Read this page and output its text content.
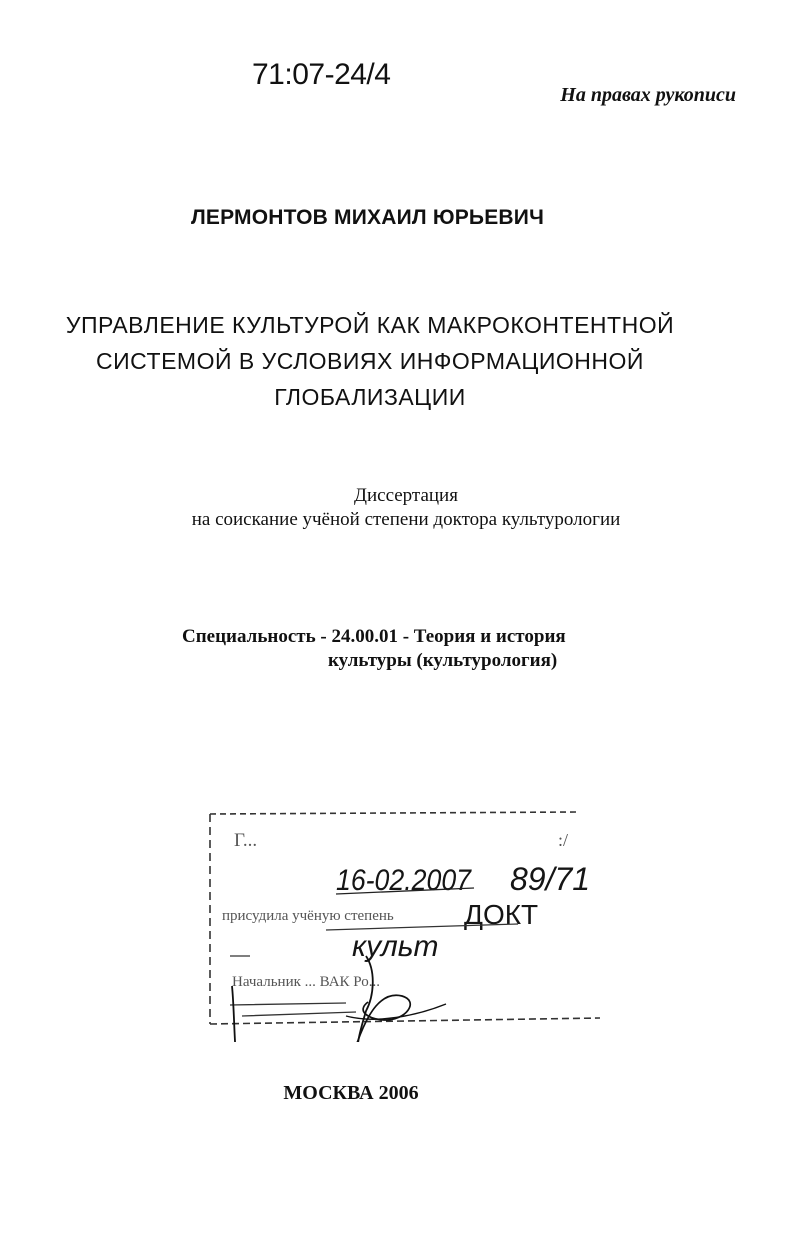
71:07-24/4
На правах рукописи
ЛЕРМОНТОВ МИХАИЛ ЮРЬЕВИЧ
УПРАВЛЕНИЕ КУЛЬТУРОЙ КАК МАКРОКОНТЕНТНОЙ
СИСТЕМОЙ В УСЛОВИЯХ ИНФОРМАЦИОННОЙ
ГЛОБАЛИЗАЦИИ
Диссертация
на соискание учёной степени доктора культурологии
Специальность - 24.00.01 - Теория и история
культуры (культурология)
Г...	:/
присудила учёную степень
Начальник ... ВАК Ро...
16-02.2007 89/71
ДОКТ
культ
МОСКВА 2006
